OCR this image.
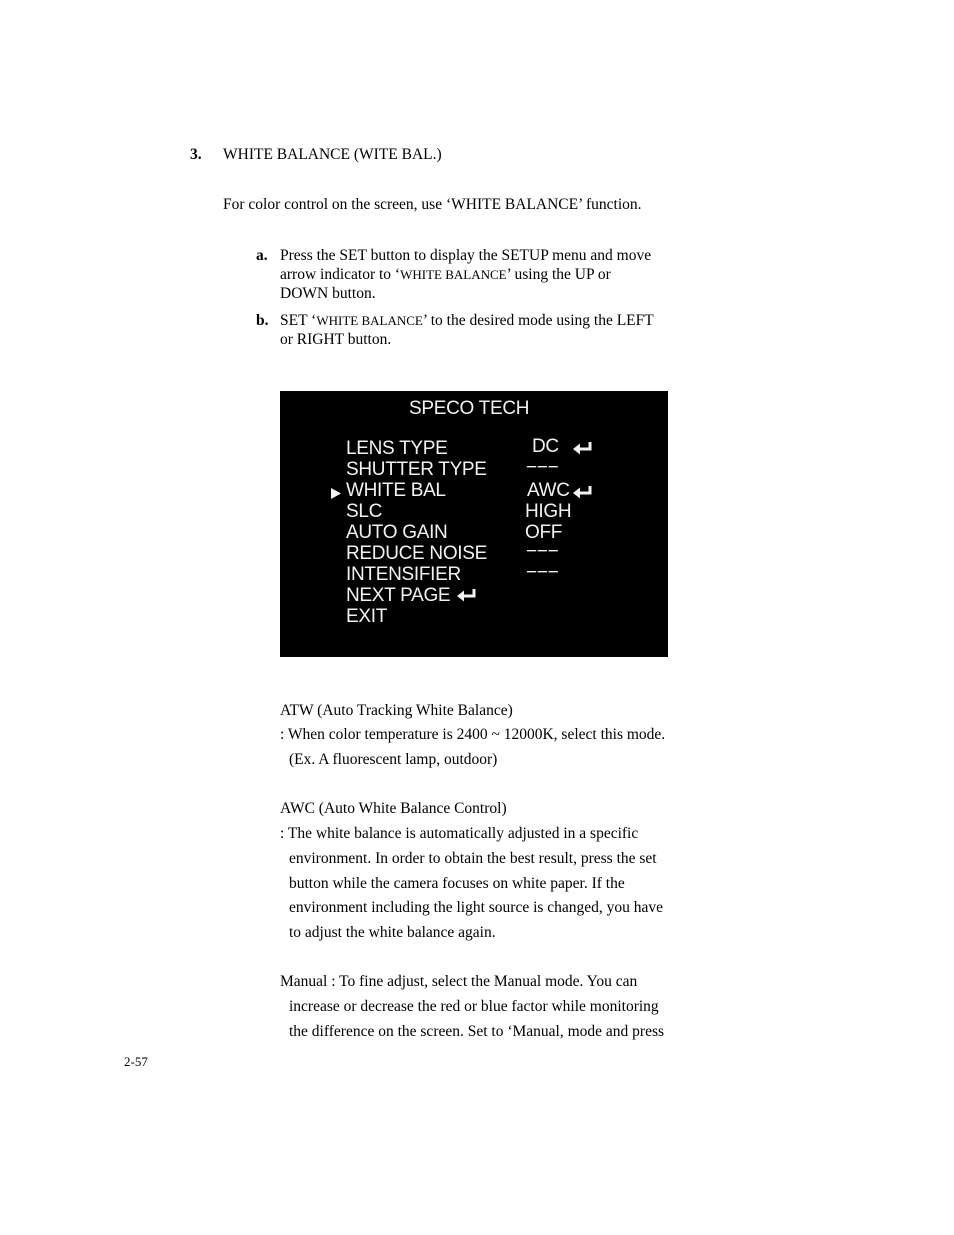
3. WHITE BALANCE (WITE BAL.)
For color control on the screen, use ‘WHITE BALANCE’ function.
a. Press the SET button to display the SETUP menu and move
arrow indicator to ‘WHITE BALANCE’ using the UP or
DOWN button.
b. SET ‘WHITE BALANCE’ to the desired mode using the LEFT
or RIGHT button.
SPECO TECH
LENS TYPE
SHUTTER TYPE
WHITE BAL
SLC
AUTO GAIN
REDUCE NOISE
INTENSIFIER
NEXT PAGE
EXIT
DC
−−−
AWC
HIGH
OFF
−−−
−−−
ATW (Auto Tracking White Balance)
: When color temperature is 2400 ~ 12000K, select this mode.
(Ex. A fluorescent lamp, outdoor)
AWC (Auto White Balance Control)
: The white balance is automatically adjusted in a specific
environment. In order to obtain the best result, press the set
button while the camera focuses on white paper. If the
environment including the light source is changed, you have
to adjust the white balance again.
Manual : To fine adjust, select the Manual mode. You can
increase or decrease the red or blue factor while monitoring
the difference on the screen. Set to ‘Manual, mode and press
2-57
